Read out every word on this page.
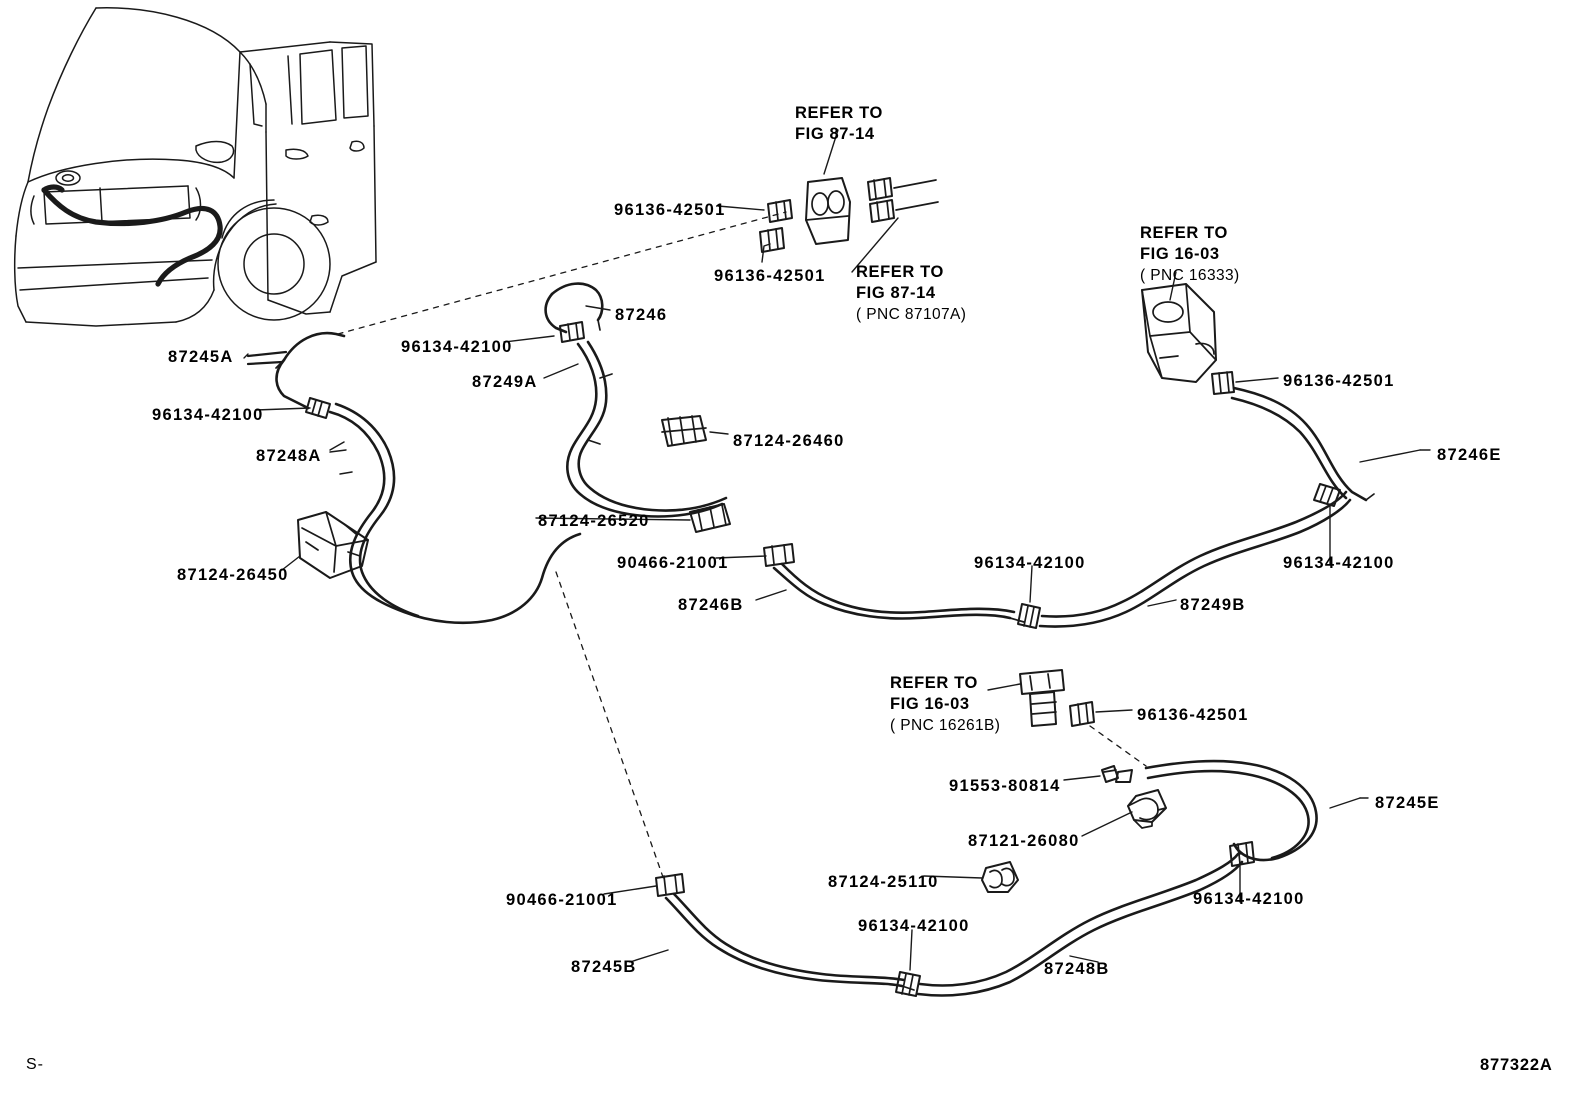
96136-42501
96136-42501
REFER TO
FIG 87-14
REFER TO
FIG 87-14
( PNC 87107A)
87246
96134-42100
87249A
87245A
96134-42100
87248A
87124-26460
87124-26520
90466-21001
87124-26450
87246B
96134-42100
87249B
REFER TO
FIG 16-03
( PNC 16333)
96136-42501
87246E
96134-42100
REFER TO
FIG 16-03
( PNC 16261B)
96136-42501
91553-80814
87245E
87121-26080
87124-25110
90466-21001	96134-42100
96134-42100
87248B
87245B
S-	877322A
